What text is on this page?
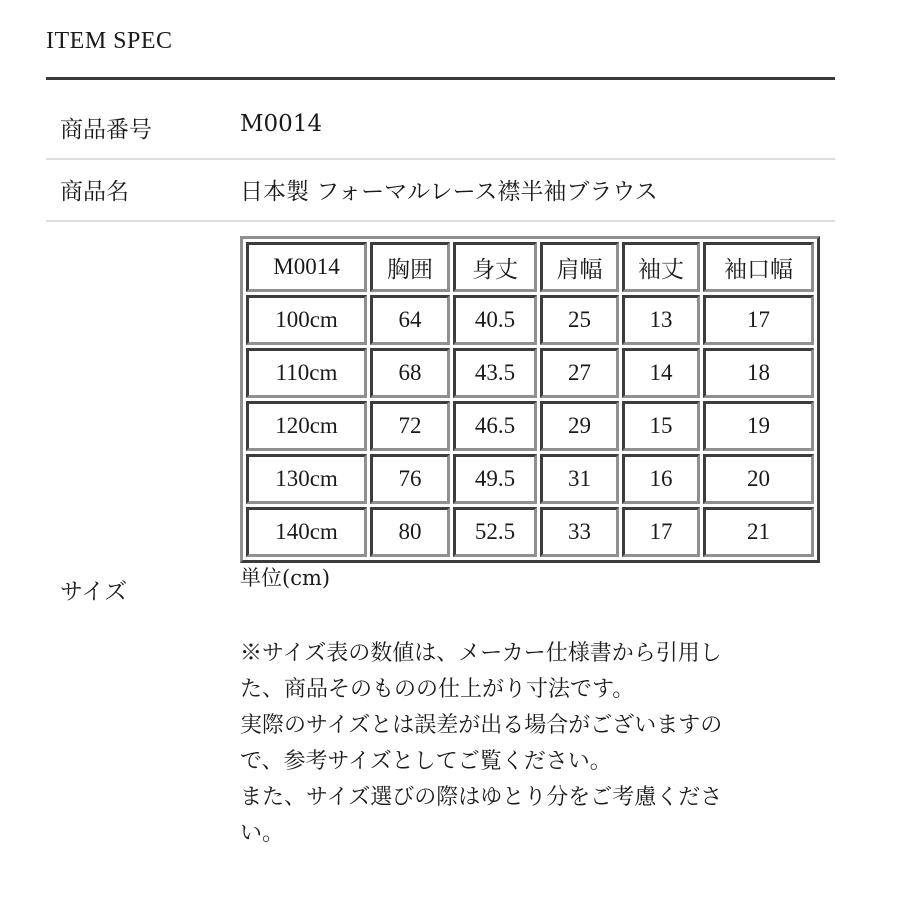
ITEM SPEC
商品番号	M0014
商品名	日本製 フォーマルレース襟半袖ブラウス
M0014	胸囲	身丈	肩幅	袖丈	袖口幅
100cm	64	40.5	25	13	17
110cm	68	43.5	27	14	18
120cm	72	46.5	29	15	19
130cm	76	49.5	31	16	20
140cm	80	52.5	33	17	21
単位(cm)
サイズ
※サイズ表の数値は、メーカー仕様書から引用し
た、商品そのものの仕上がり寸法です。
実際のサイズとは誤差が出る場合がございますの
で、参考サイズとしてご覧ください。
また、サイズ選びの際はゆとり分をご考慮くださ
い。
